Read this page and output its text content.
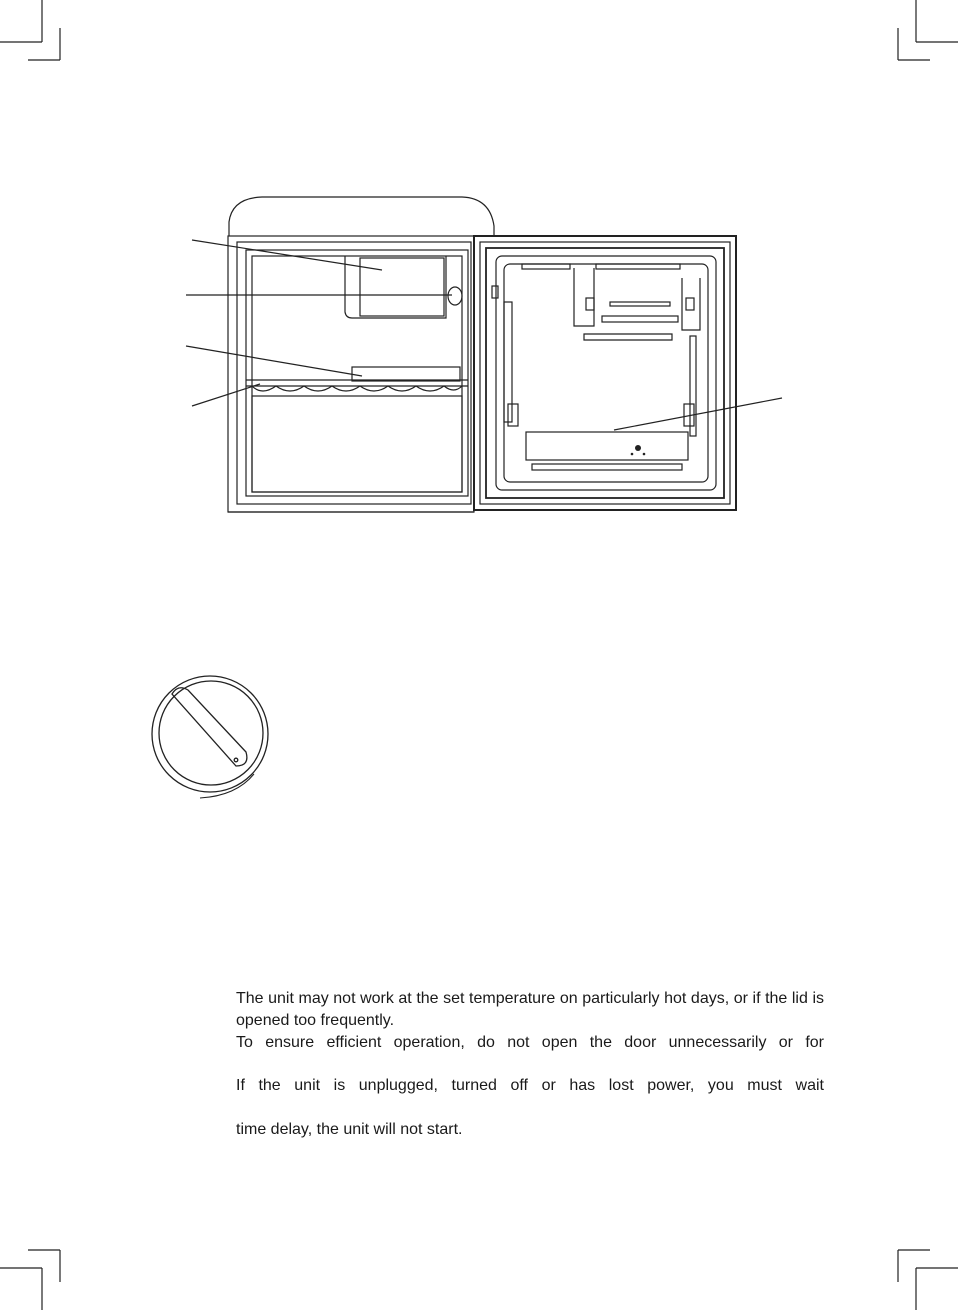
The unit may not work at the set temperature on particularly hot days, or if the lid is opened too frequently.
To ensure efficient operation, do not open the door unnecessarily or for
If the unit is unplugged, turned off or has lost power, you must wait
time delay, the unit will not start.
